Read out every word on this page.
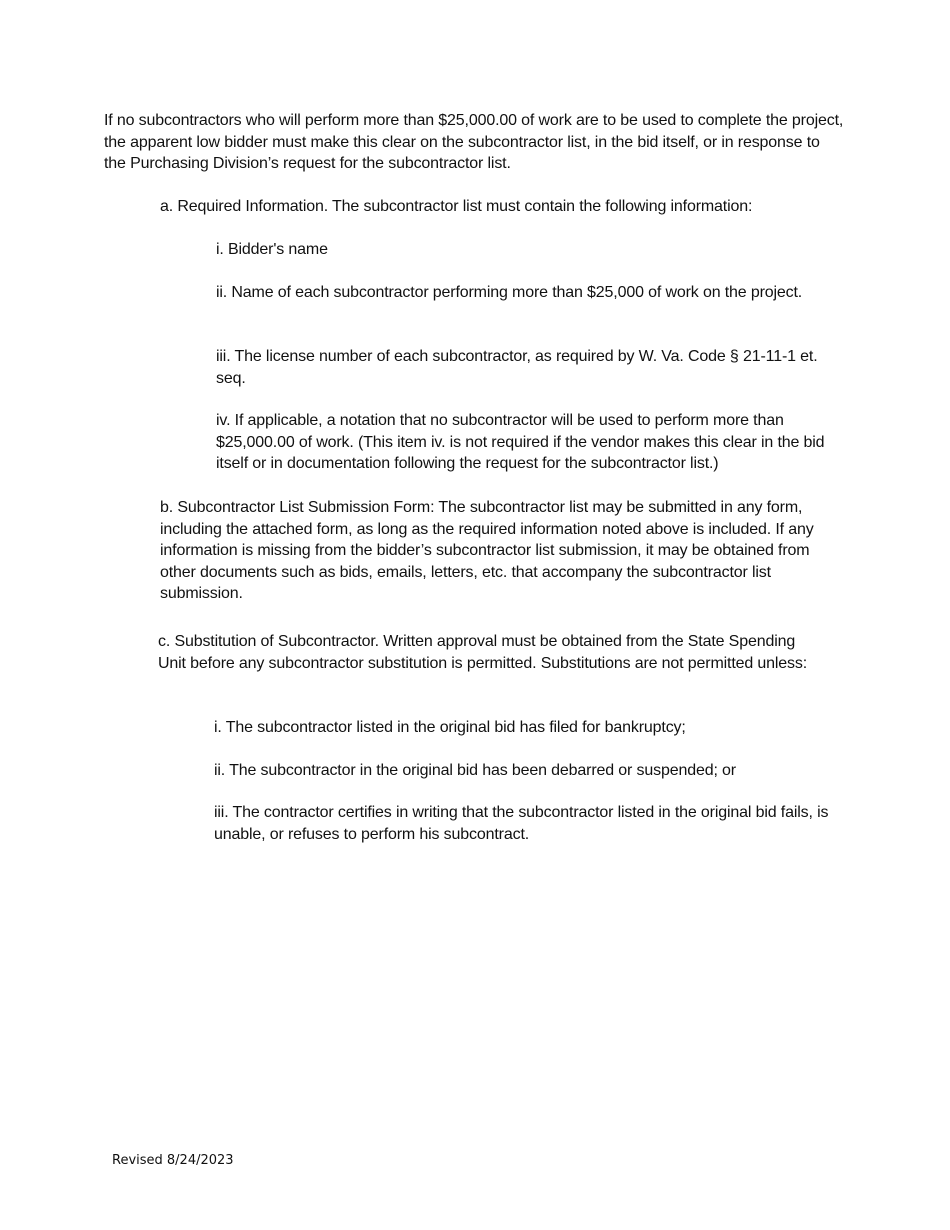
If no subcontractors who will perform more than $25,000.00 of work are to be used to complete the project, the apparent low bidder must make this clear on the subcontractor list, in the bid itself, or in response to the Purchasing Division’s request for the subcontractor list.

a. Required Information. The subcontractor list must contain the following information:

i. Bidder's name

ii. Name of each subcontractor performing more than $25,000 of work on the project.

iii. The license number of each subcontractor, as required by W. Va. Code § 21-11-1 et. seq.

iv. If applicable, a notation that no subcontractor will be used to perform more than $25,000.00 of work. (This item iv. is not required if the vendor makes this clear in the bid itself or in documentation following the request for the subcontractor list.)

b. Subcontractor List Submission Form: The subcontractor list may be submitted in any form, including the attached form, as long as the required information noted above is included. If any information is missing from the bidder’s subcontractor list submission, it may be obtained from other documents such as bids, emails, letters, etc. that accompany the subcontractor list submission.

c. Substitution of Subcontractor. Written approval must be obtained from the State Spending Unit before any subcontractor substitution is permitted. Substitutions are not permitted unless:

i. The subcontractor listed in the original bid has filed for bankruptcy;

ii. The subcontractor in the original bid has been debarred or suspended; or

iii. The contractor certifies in writing that the subcontractor listed in the original bid fails, is unable, or refuses to perform his subcontract.

Revised 8/24/2023
